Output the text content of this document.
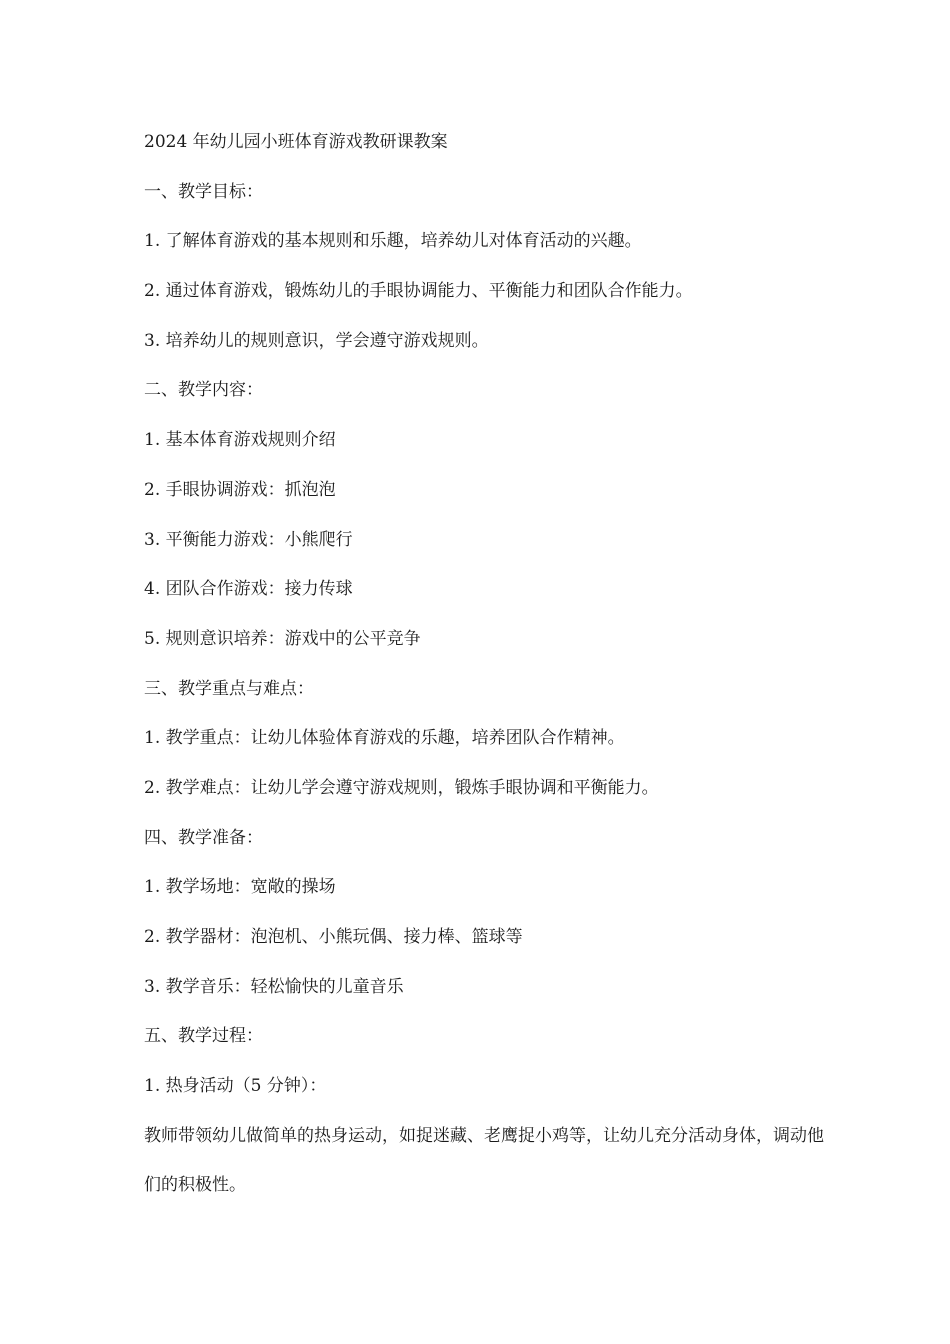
2024 年幼儿园小班体育游戏教研课教案

一、教学目标：

1. 了解体育游戏的基本规则和乐趣，培养幼儿对体育活动的兴趣。

2. 通过体育游戏，锻炼幼儿的手眼协调能力、平衡能力和团队合作能力。

3. 培养幼儿的规则意识，学会遵守游戏规则。

二、教学内容：

1. 基本体育游戏规则介绍

2. 手眼协调游戏：抓泡泡

3. 平衡能力游戏：小熊爬行

4. 团队合作游戏：接力传球

5. 规则意识培养：游戏中的公平竞争

三、教学重点与难点：

1. 教学重点：让幼儿体验体育游戏的乐趣，培养团队合作精神。

2. 教学难点：让幼儿学会遵守游戏规则，锻炼手眼协调和平衡能力。

四、教学准备：

1. 教学场地：宽敞的操场

2. 教学器材：泡泡机、小熊玩偶、接力棒、篮球等

3. 教学音乐：轻松愉快的儿童音乐

五、教学过程：

1. 热身活动（5 分钟）：

教师带领幼儿做简单的热身运动，如捉迷藏、老鹰捉小鸡等，让幼儿充分活动身体，调动他们的积极性。
